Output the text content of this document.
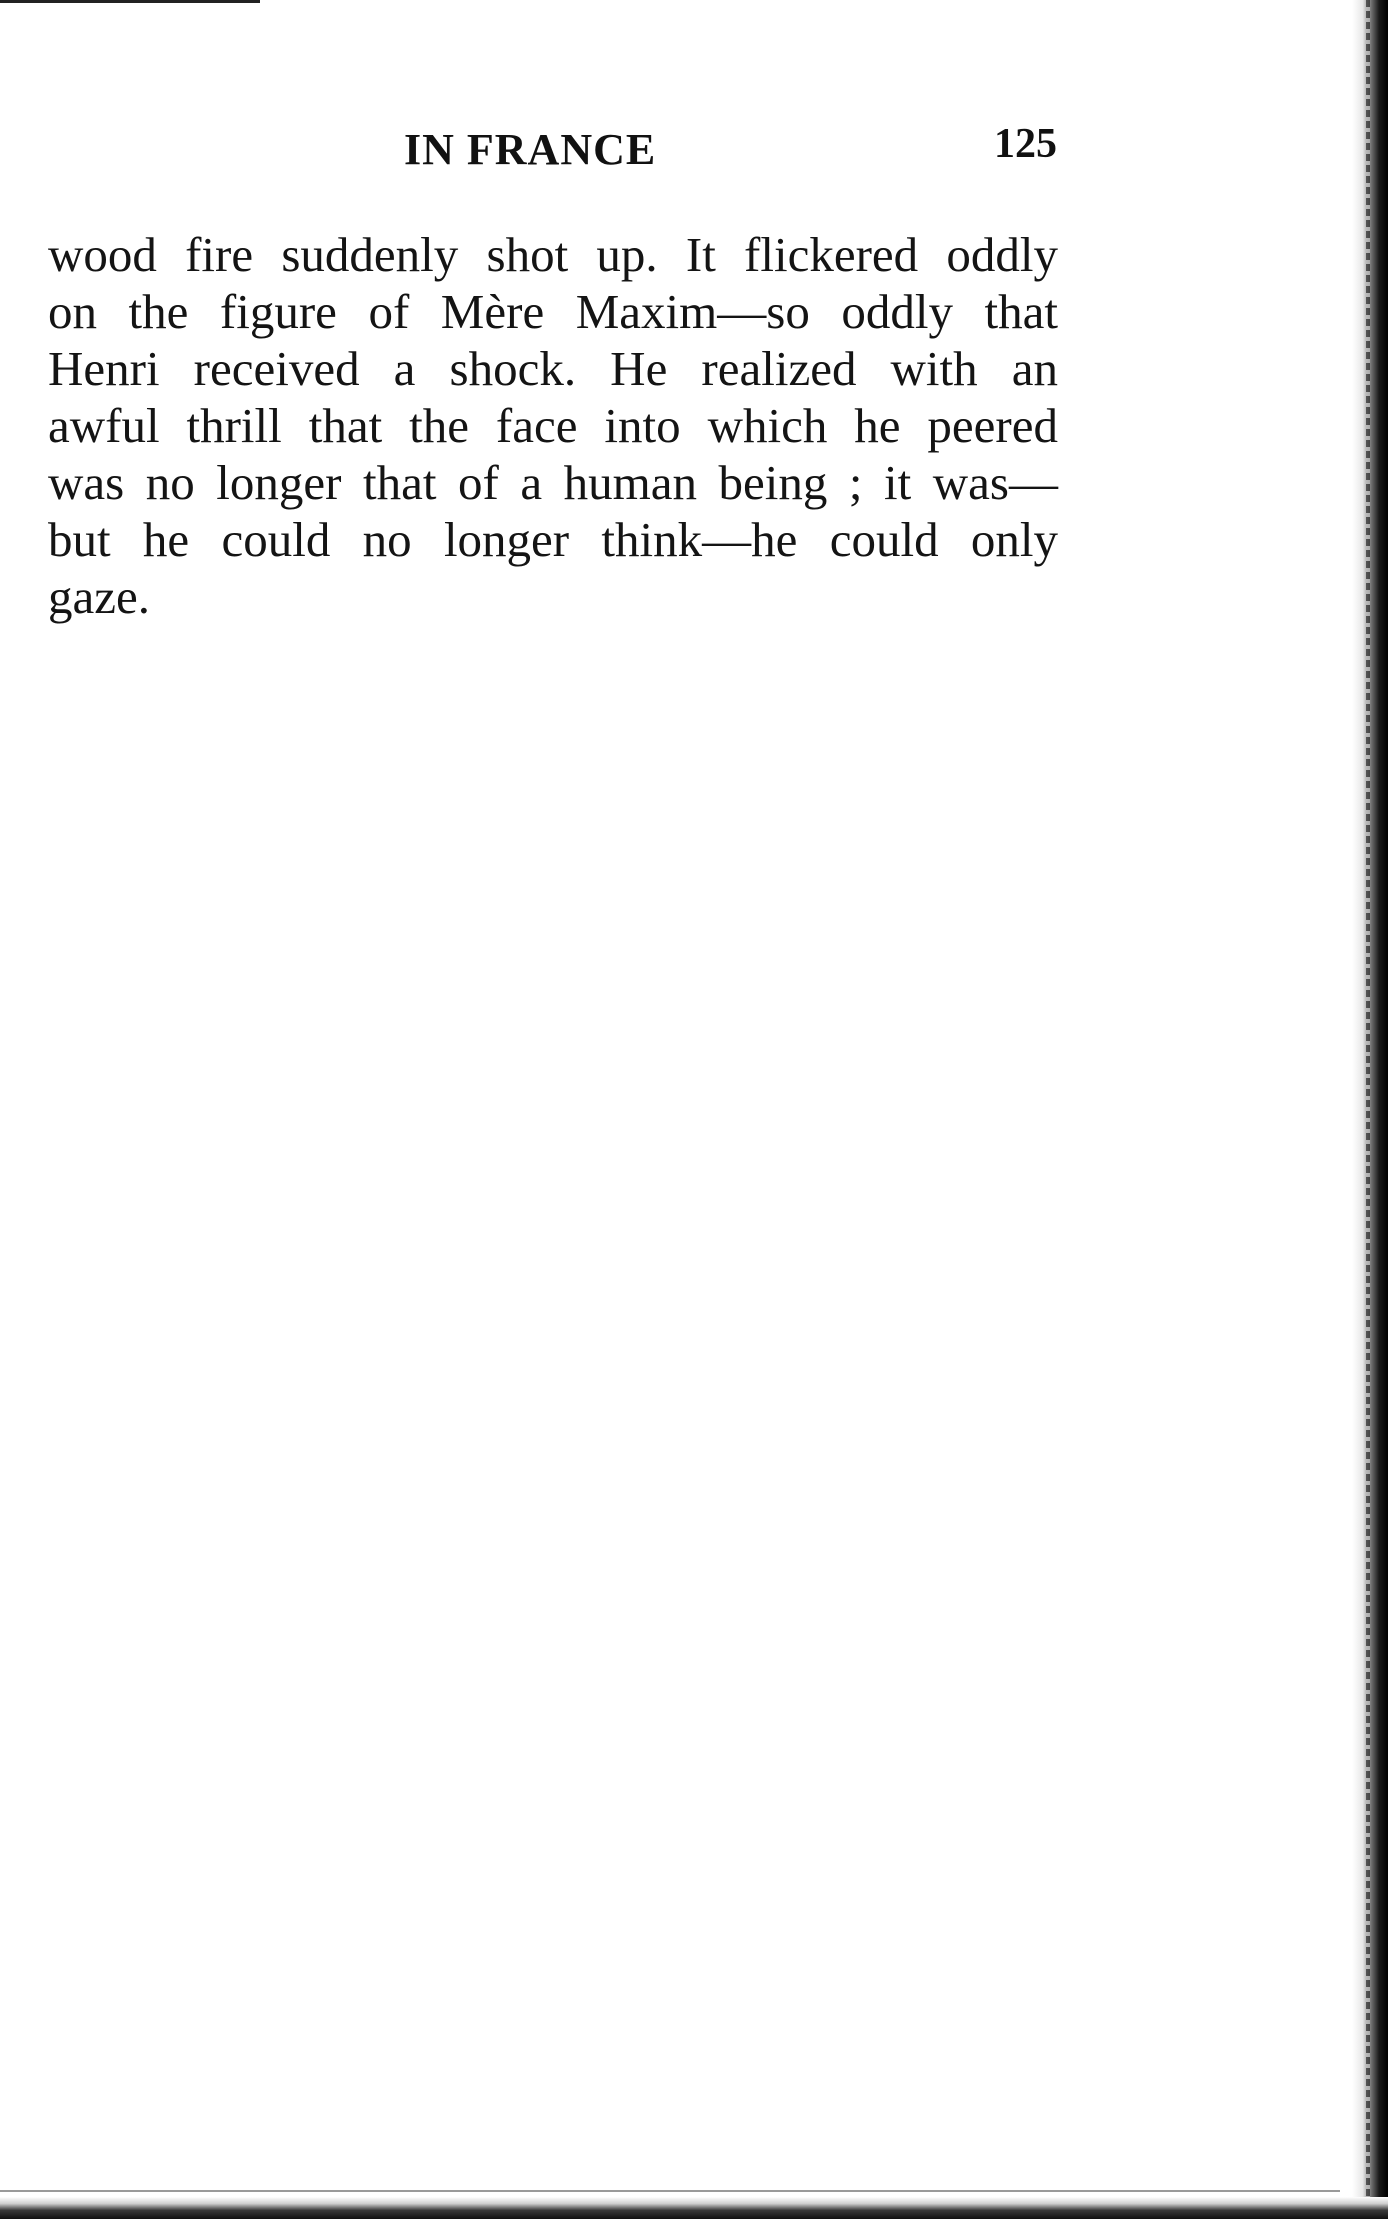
IN FRANCE	125
wood fire suddenly shot up. It flickered oddly
on the figure of Mère Maxim—so oddly that
Henri received a shock. He realized with an
awful thrill that the face into which he peered
was no longer that of a human being ; it was—
but he could no longer think—he could only
gaze.
